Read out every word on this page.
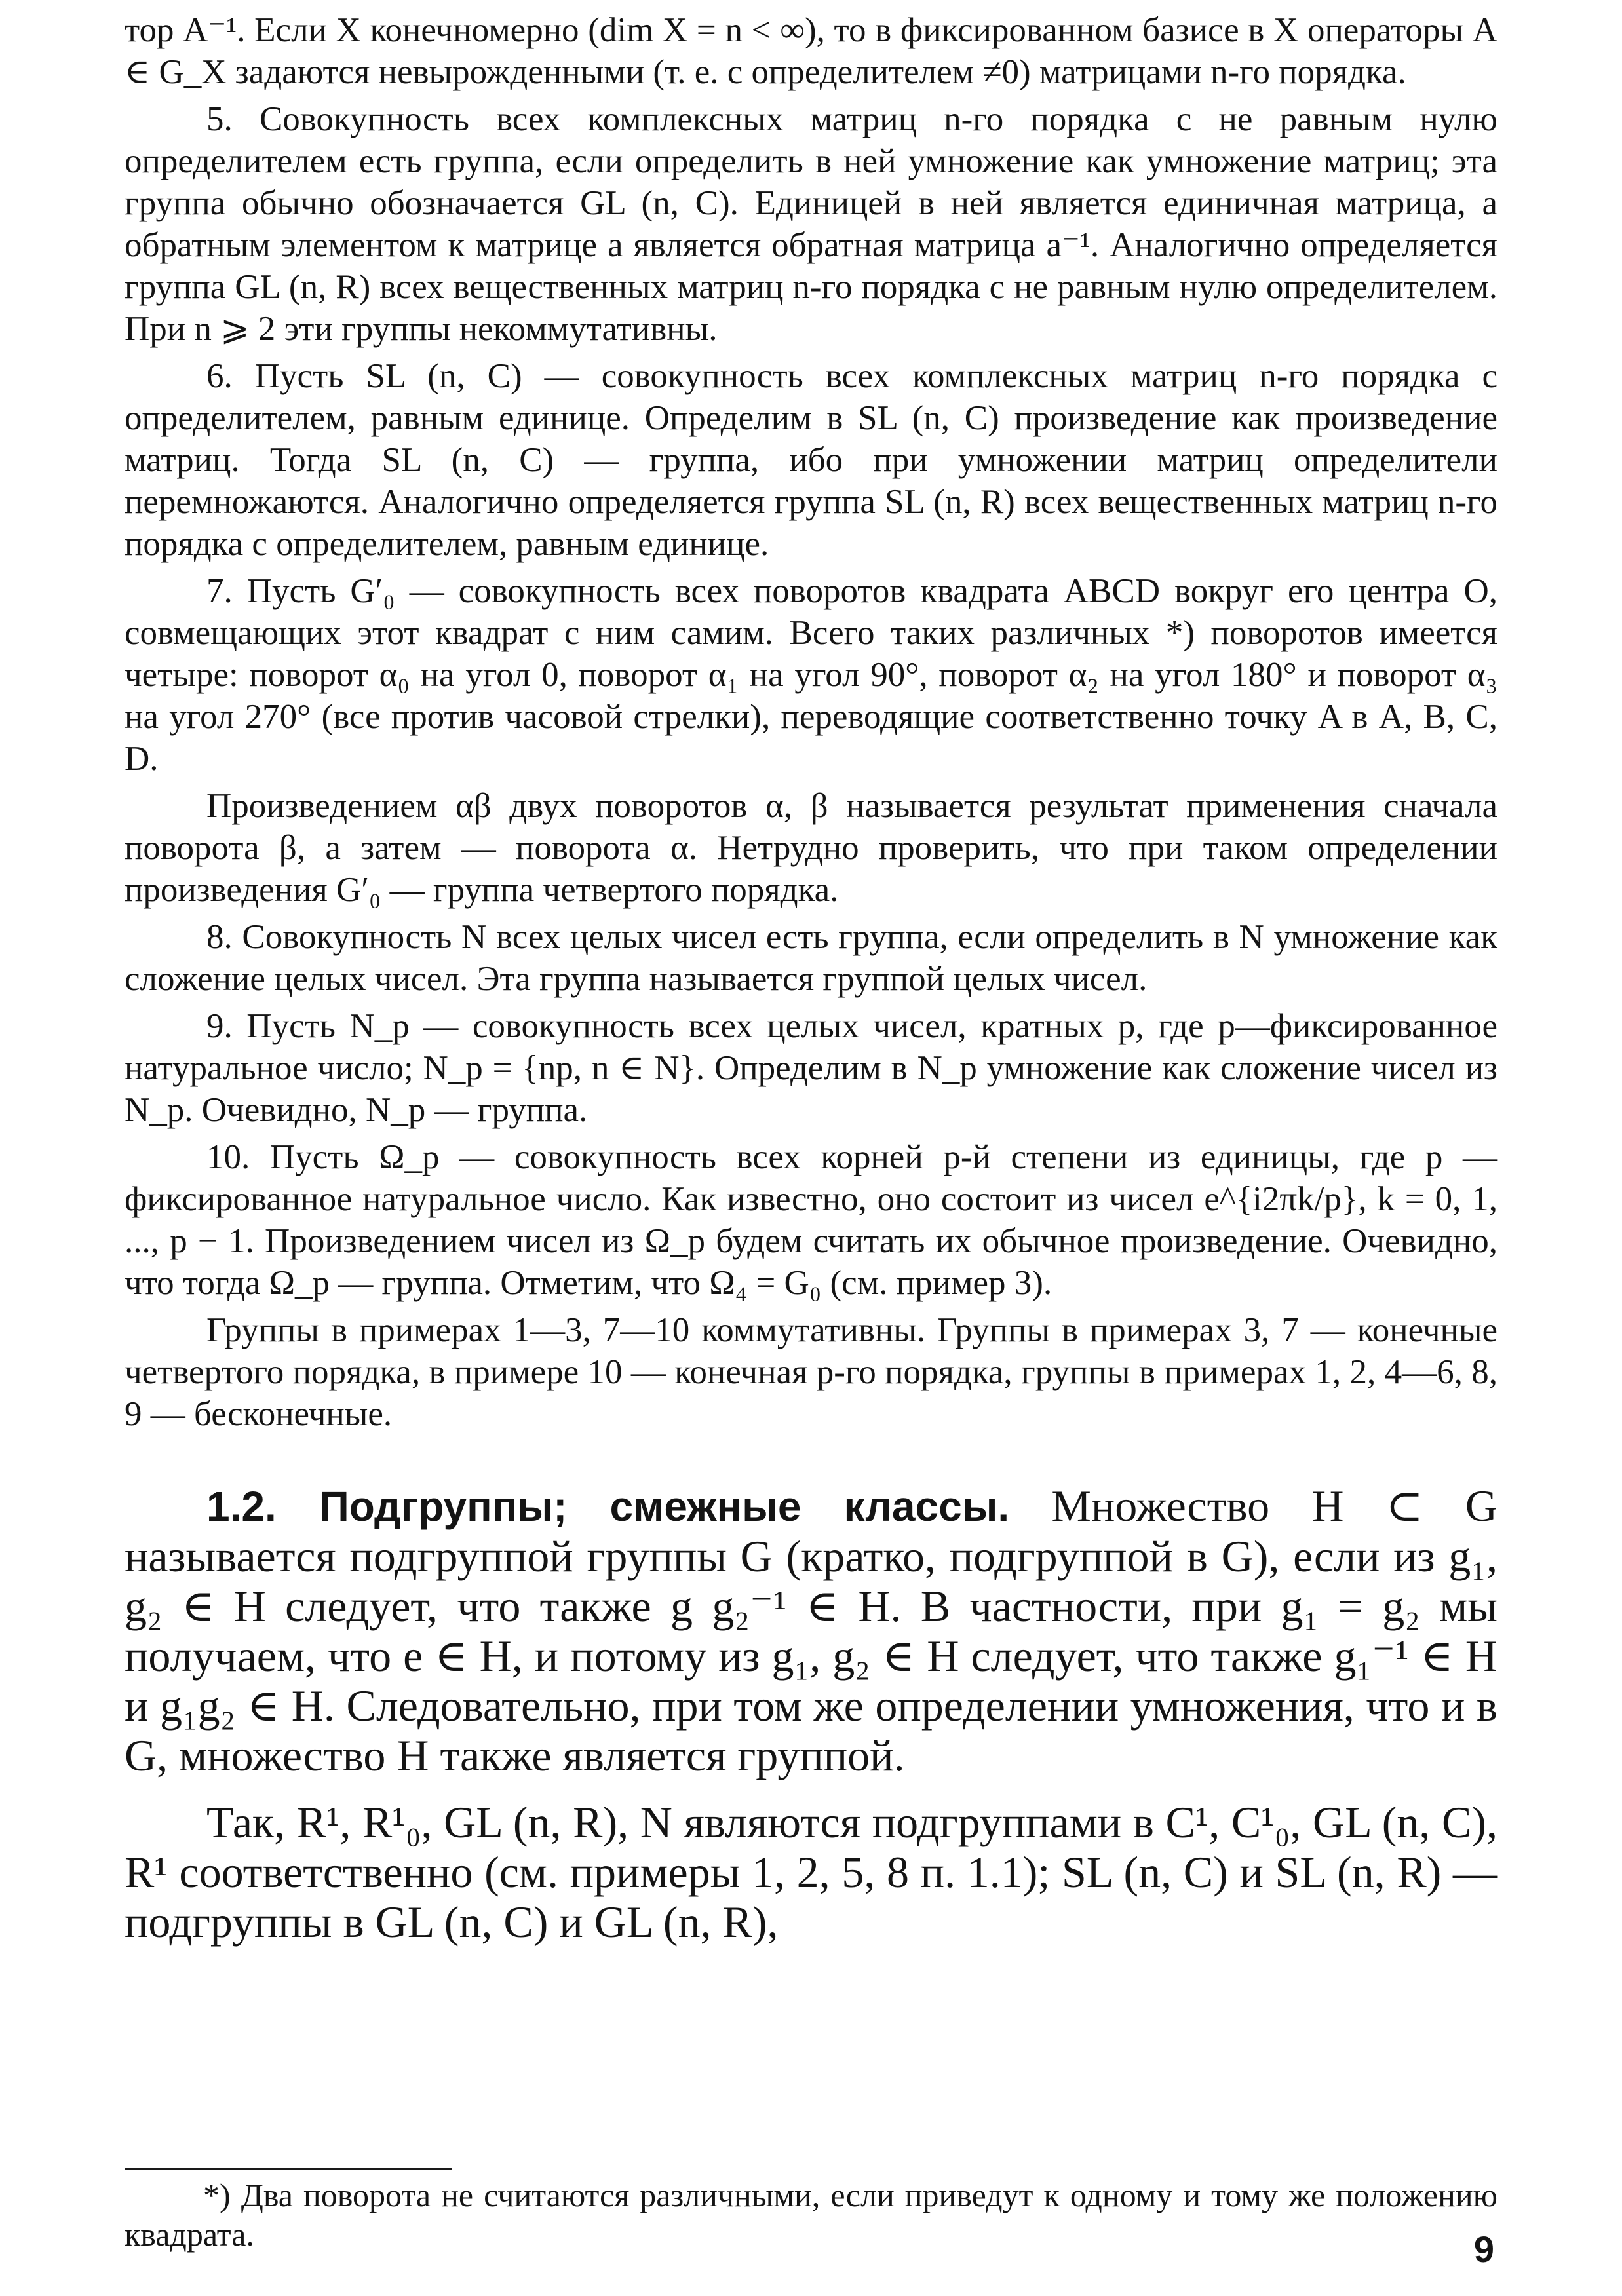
тор A⁻¹. Если X конечномерно (dim X = n < ∞), то в фиксированном базисе в X операторы A ∈ G_X задаются невырожденными (т. е. с определителем ≠0) матрицами n-го порядка.

5. Совокупность всех комплексных матриц n-го порядка с не равным нулю определителем есть группа, если определить в ней умножение как умножение матриц; эта группа обычно обозначается GL (n, C). Единицей в ней является единичная матрица, а обратным элементом к матрице a является обратная матрица a⁻¹. Аналогично определяется группа GL (n, R) всех вещественных матриц n-го порядка с не равным нулю определителем. При n ⩾ 2 эти группы некоммутативны.

6. Пусть SL (n, C) — совокупность всех комплексных матриц n-го порядка с определителем, равным единице. Определим в SL (n, C) произведение как произведение матриц. Тогда SL (n, C) — группа, ибо при умножении матриц определители перемножаются. Аналогично определяется группа SL (n, R) всех вещественных матриц n-го порядка с определителем, равным единице.

7. Пусть G′₀ — совокупность всех поворотов квадрата ABCD вокруг его центра O, совмещающих этот квадрат с ним самим. Всего таких различных *) поворотов имеется четыре: поворот α₀ на угол 0, поворот α₁ на угол 90°, поворот α₂ на угол 180° и поворот α₃ на угол 270° (все против часовой стрелки), переводящие соответственно точку A в A, B, C, D.

Произведением αβ двух поворотов α, β называется результат применения сначала поворота β, а затем — поворота α. Нетрудно проверить, что при таком определении произведения G′₀ — группа четвертого порядка.

8. Совокупность N всех целых чисел есть группа, если определить в N умножение как сложение целых чисел. Эта группа называется группой целых чисел.

9. Пусть N_p — совокупность всех целых чисел, кратных p, где p—фиксированное натуральное число; N_p = {np, n ∈ N}. Определим в N_p умножение как сложение чисел из N_p. Очевидно, N_p — группа.

10. Пусть Ω_p — совокупность всех корней p-й степени из единицы, где p — фиксированное натуральное число. Как известно, оно состоит из чисел e^{i2πk/p}, k = 0, 1, ..., p − 1. Произведением чисел из Ω_p будем считать их обычное произведение. Очевидно, что тогда Ω_p — группа. Отметим, что Ω₄ = G₀ (см. пример 3).

Группы в примерах 1—3, 7—10 коммутативны. Группы в примерах 3, 7 — конечные четвертого порядка, в примере 10 — конечная p-го порядка, группы в примерах 1, 2, 4—6, 8, 9 — бесконечные.

1.2. Подгруппы; смежные классы. Множество H ⊂ G называется подгруппой группы G (кратко, подгруппой в G), если из g₁, g₂ ∈ H следует, что также g g₂⁻¹ ∈ H. В частности, при g₁ = g₂ мы получаем, что e ∈ H, и потому из g₁, g₂ ∈ H следует, что также g₁⁻¹ ∈ H и g₁g₂ ∈ H. Следовательно, при том же определении умножения, что и в G, множество H также является группой.

Так, R¹, R¹₀, GL (n, R), N являются подгруппами в C¹, C¹₀, GL (n, C), R¹ соответственно (см. примеры 1, 2, 5, 8 п. 1.1); SL (n, C) и SL (n, R) — подгруппы в GL (n, C) и GL (n, R),

*) Два поворота не считаются различными, если приведут к одному и тому же положению квадрата.	9
